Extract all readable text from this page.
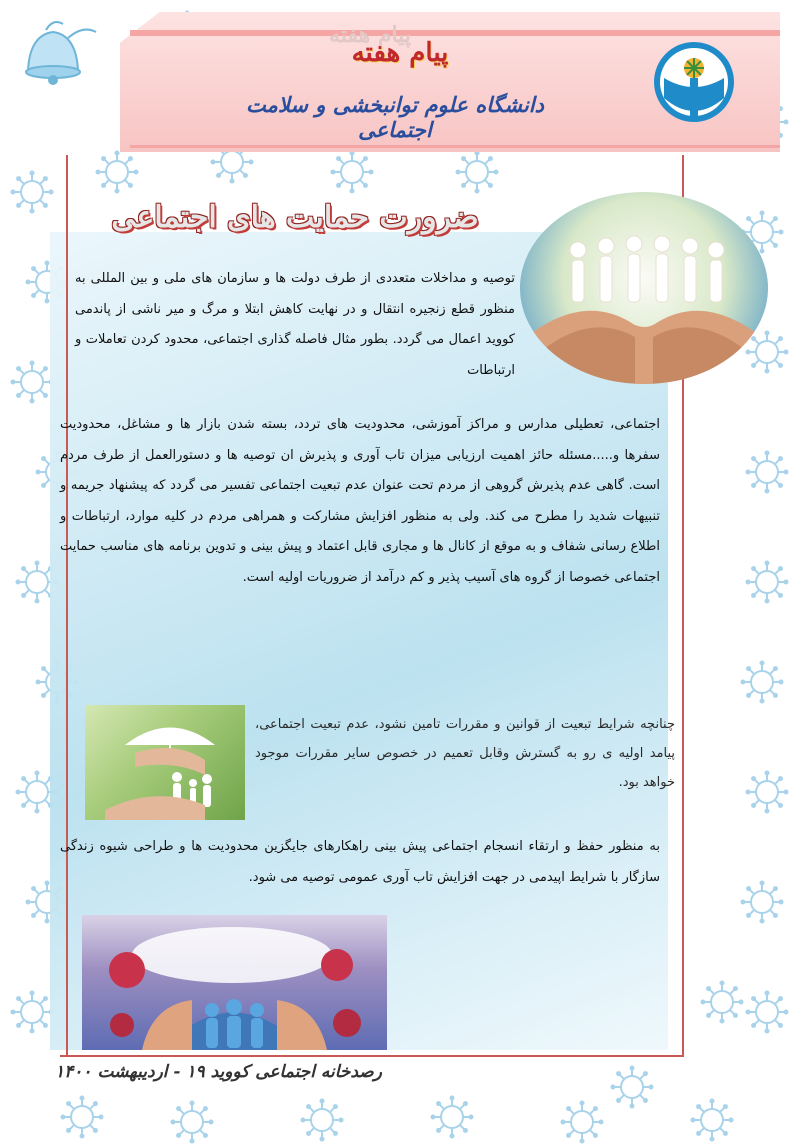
پیام هفته
پیام هفته
دانشگاه علوم توانبخشی و سلامت اجتماعی
ضرورت حمایت های اجتماعی
توصیه و مداخلات متعددی از طرف دولت ها و سازمان های ملی و بین المللی به منظور قطع زنجیره انتقال و در نهایت کاهش ابتلا و مرگ و میر ناشی از پاندمی کووید اعمال می گردد. بطور مثال فاصله گذاری اجتماعی، محدود کردن تعاملات و ارتباطات
اجتماعی، تعطیلی مدارس و مراکز آموزشی، محدودیت های تردد، بسته شدن بازار ها و مشاغل، محدودیت سفرها و.....مسئله حائز اهمیت ارزیابی میزان تاب آوری و پذیرش ان توصیه ها و دستورالعمل از طرف مردم است. گاهی عدم پذیرش گروهی از مردم تحت عنوان عدم تبعیت اجتماعی تفسیر می گردد که پیشنهاد جریمه و تنبیهات شدید را مطرح می کند. ولی به منظور افزایش مشارکت و همراهی مردم در کلیه موارد، ارتباطات و اطلاع رسانی شفاف و به موقع از کانال ها و مجاری قابل اعتماد و پیش بینی و تدوین برنامه های مناسب حمایت اجتماعی خصوصا از گروه های آسیب پذیر و کم درآمد از ضروریات اولیه است.
چنانچه شرایط تبعیت از قوانین و مقررات تامین نشود، عدم تبعیت اجتماعی، پیامد اولیه ی رو به گسترش وقابل تعمیم در خصوص سایر مقررات موجود خواهد بود.
به منظور حفظ و ارتقاء انسجام اجتماعی پیش بینی راهکارهای جایگزین محدودیت ها و طراحی شیوه زندگی سازگار با شرایط اپیدمی در جهت افزایش تاب آوری عمومی توصیه می شود.
رصدخانه اجتماعی کووید ۱۹ - اردیبهشت ۱۴۰۰
